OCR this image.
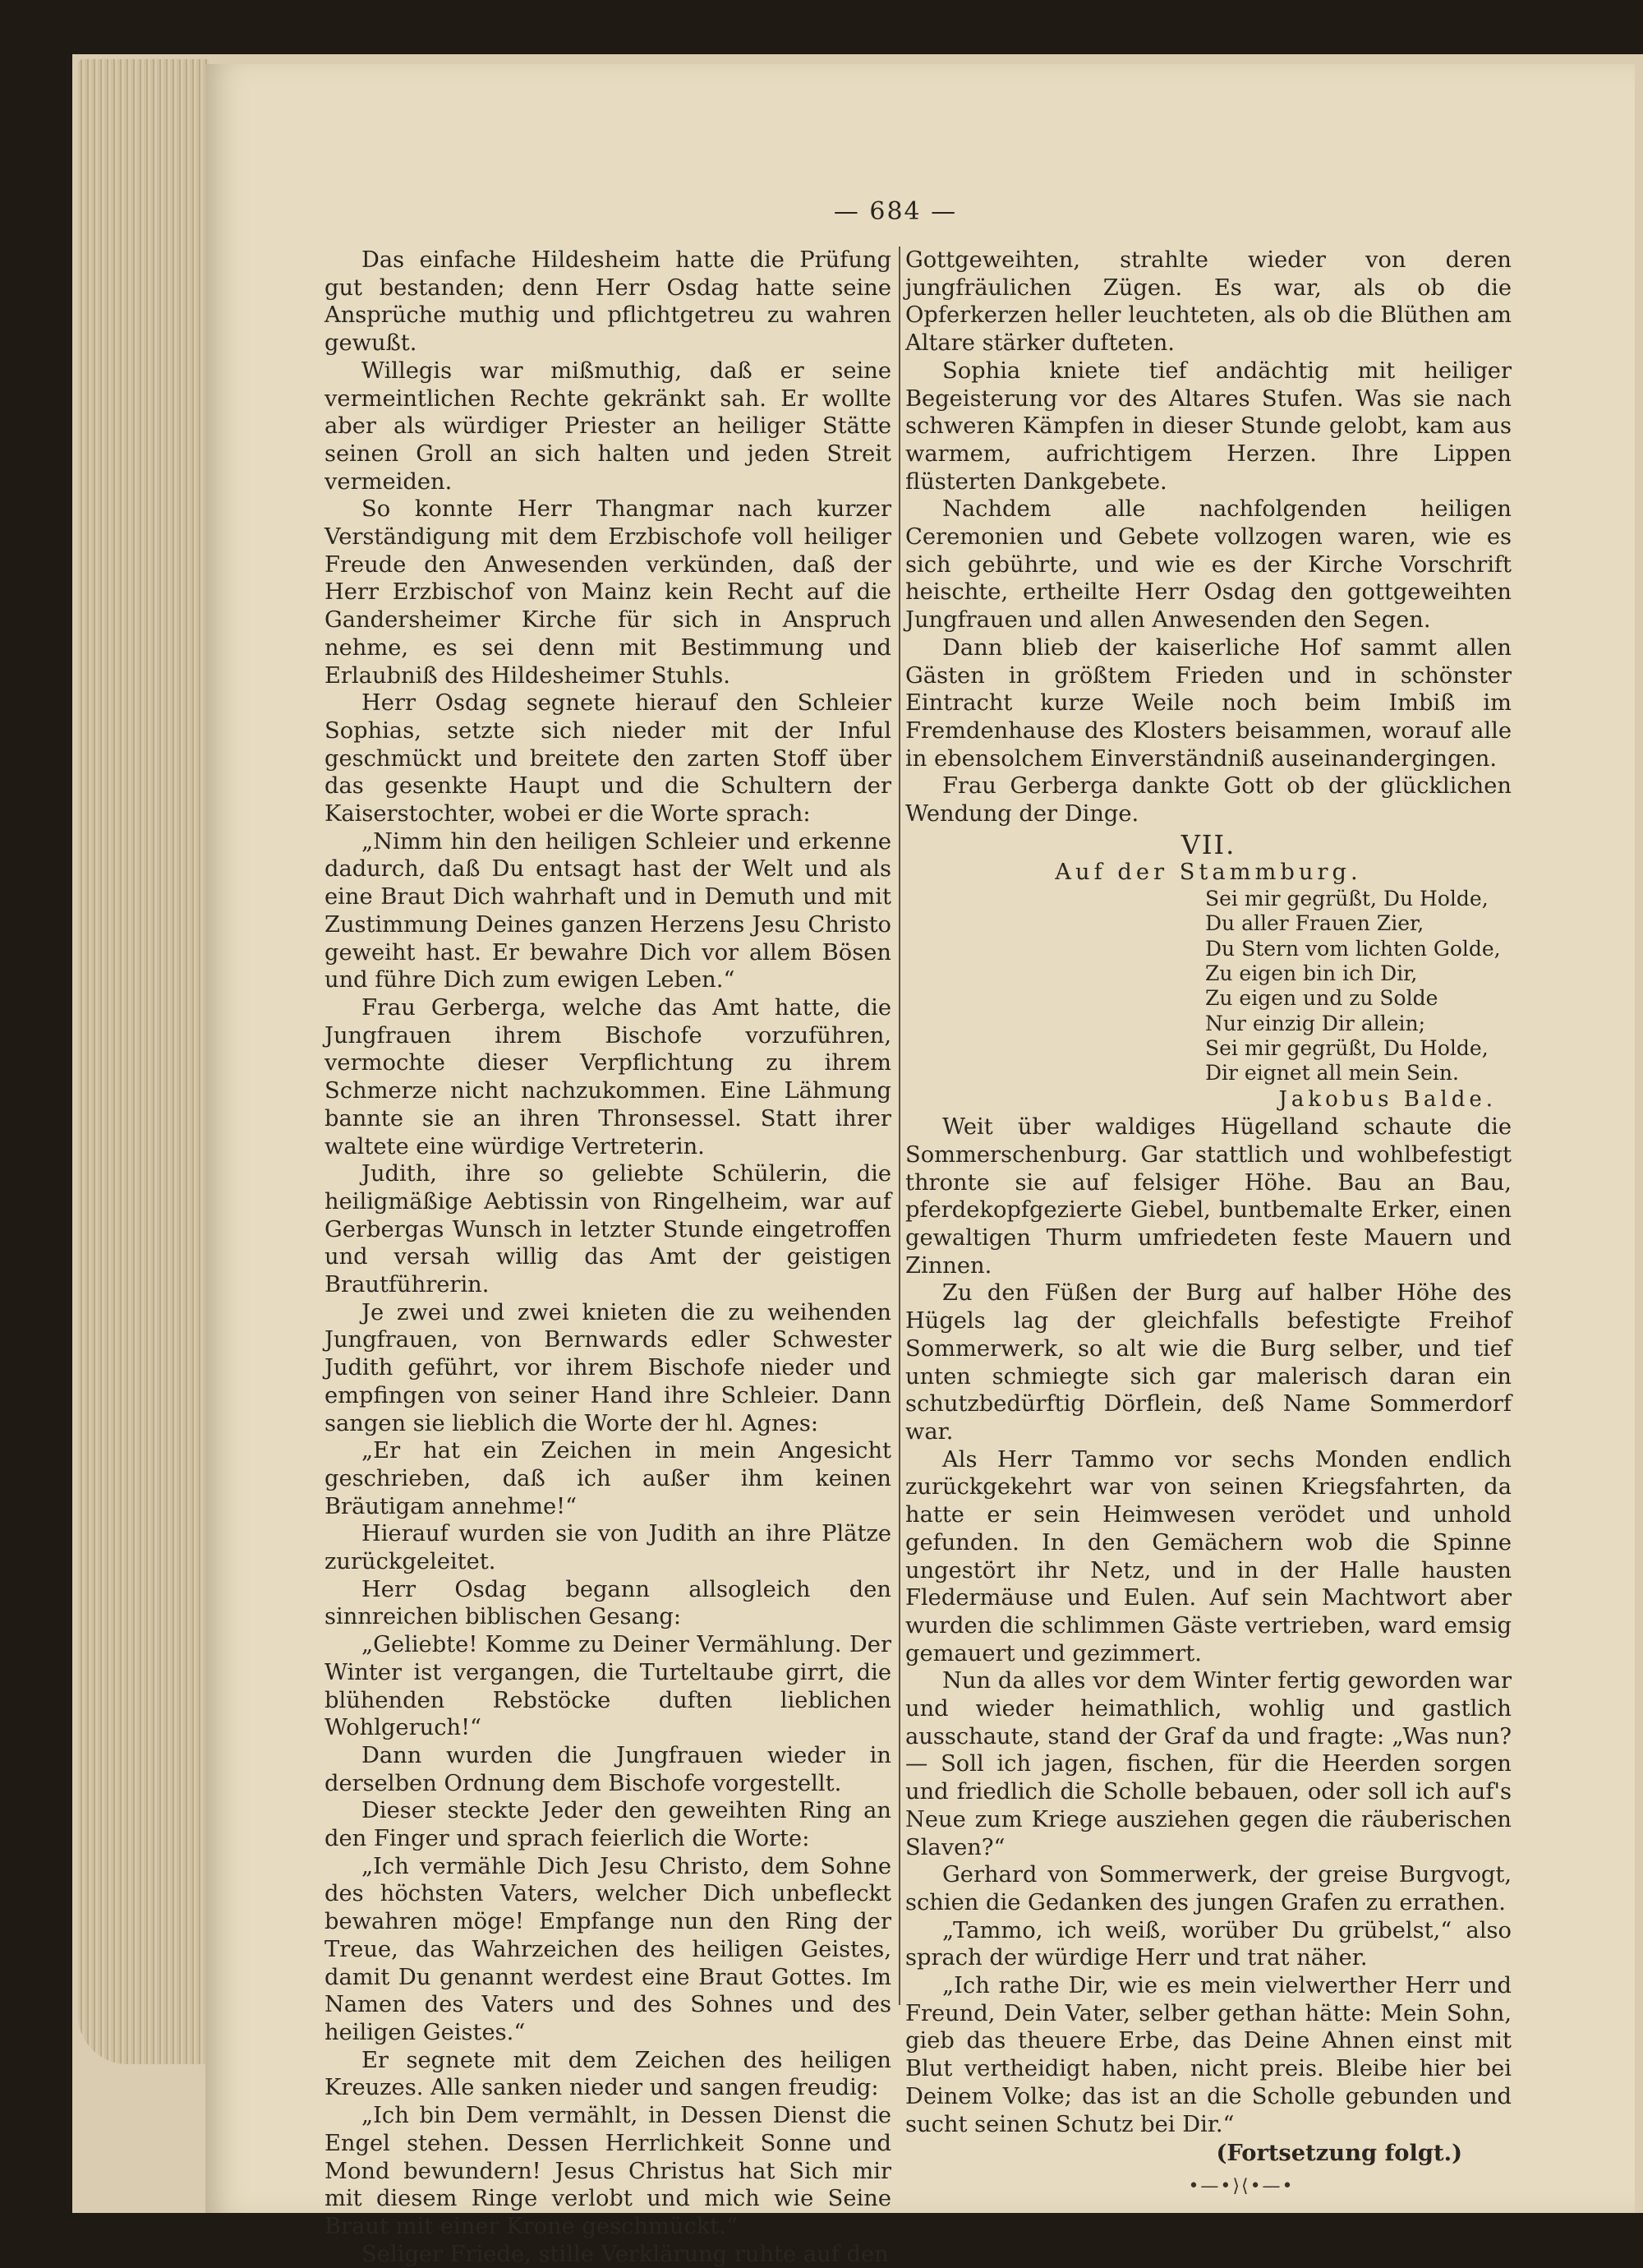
— 684 —

Das einfache Hildesheim hatte die Prüfung gut bestanden; denn Herr Osdag hatte seine Ansprüche muthig und pflichtgetreu zu wahren gewußt.

Willegis war mißmuthig, daß er seine vermeintlichen Rechte gekränkt sah. Er wollte aber als würdiger Priester an heiliger Stätte seinen Groll an sich halten und jeden Streit vermeiden.

So konnte Herr Thangmar nach kurzer Verständigung mit dem Erzbischofe voll heiliger Freude den Anwesenden verkünden, daß der Herr Erzbischof von Mainz kein Recht auf die Gandersheimer Kirche für sich in Anspruch nehme, es sei denn mit Bestimmung und Erlaubniß des Hildesheimer Stuhls.

Herr Osdag segnete hierauf den Schleier Sophias, setzte sich nieder mit der Inful geschmückt und breitete den zarten Stoff über das gesenkte Haupt und die Schultern der Kaiserstochter, wobei er die Worte sprach:

„Nimm hin den heiligen Schleier und erkenne dadurch, daß Du entsagt hast der Welt und als eine Braut Dich wahrhaft und in Demuth und mit Zustimmung Deines ganzen Herzens Jesu Christo geweiht hast. Er bewahre Dich vor allem Bösen und führe Dich zum ewigen Leben.“

Frau Gerberga, welche das Amt hatte, die Jungfrauen ihrem Bischofe vorzuführen, vermochte dieser Verpflichtung zu ihrem Schmerze nicht nachzukommen. Eine Lähmung bannte sie an ihren Thronsessel. Statt ihrer waltete eine würdige Vertreterin.

Judith, ihre so geliebte Schülerin, die heiligmäßige Aebtissin von Ringelheim, war auf Gerbergas Wunsch in letzter Stunde eingetroffen und versah willig das Amt der geistigen Brautführerin.

Je zwei und zwei knieten die zu weihenden Jungfrauen, von Bernwards edler Schwester Judith geführt, vor ihrem Bischofe nieder und empfingen von seiner Hand ihre Schleier. Dann sangen sie lieblich die Worte der hl. Agnes:

„Er hat ein Zeichen in mein Angesicht geschrieben, daß ich außer ihm keinen Bräutigam annehme!“

Hierauf wurden sie von Judith an ihre Plätze zurückgeleitet.

Herr Osdag begann allsogleich den sinnreichen biblischen Gesang:

„Geliebte! Komme zu Deiner Vermählung. Der Winter ist vergangen, die Turteltaube girrt, die blühenden Rebstöcke duften lieblichen Wohlgeruch!“

Dann wurden die Jungfrauen wieder in derselben Ordnung dem Bischofe vorgestellt.

Dieser steckte Jeder den geweihten Ring an den Finger und sprach feierlich die Worte:

„Ich vermähle Dich Jesu Christo, dem Sohne des höchsten Vaters, welcher Dich unbefleckt bewahren möge! Empfange nun den Ring der Treue, das Wahrzeichen des heiligen Geistes, damit Du genannt werdest eine Braut Gottes. Im Namen des Vaters und des Sohnes und des heiligen Geistes.“

Er segnete mit dem Zeichen des heiligen Kreuzes. Alle sanken nieder und sangen freudig:

„Ich bin Dem vermählt, in Dessen Dienst die Engel stehen. Dessen Herrlichkeit Sonne und Mond bewundern! Jesus Christus hat Sich mir mit diesem Ringe verlobt und mich wie Seine Braut mit einer Krone geschmückt.“

Seliger Friede, stille Verklärung ruhte auf den

Gottgeweihten, strahlte wieder von deren jungfräulichen Zügen. Es war, als ob die Opferkerzen heller leuchteten, als ob die Blüthen am Altare stärker dufteten.

Sophia kniete tief andächtig mit heiliger Begeisterung vor des Altares Stufen. Was sie nach schweren Kämpfen in dieser Stunde gelobt, kam aus warmem, aufrichtigem Herzen. Ihre Lippen flüsterten Dankgebete.

Nachdem alle nachfolgenden heiligen Ceremonien und Gebete vollzogen waren, wie es sich gebührte, und wie es der Kirche Vorschrift heischte, ertheilte Herr Osdag den gottgeweihten Jungfrauen und allen Anwesenden den Segen.

Dann blieb der kaiserliche Hof sammt allen Gästen in größtem Frieden und in schönster Eintracht kurze Weile noch beim Imbiß im Fremdenhause des Klosters beisammen, worauf alle in ebensolchem Einverständniß auseinandergingen.

Frau Gerberga dankte Gott ob der glücklichen Wendung der Dinge.

VII.
Auf der Stammburg.
Sei mir gegrüßt, Du Holde,
Du aller Frauen Zier,
Du Stern vom lichten Golde,
Zu eigen bin ich Dir,
Zu eigen und zu Solde
Nur einzig Dir allein;
Sei mir gegrüßt, Du Holde,
Dir eignet all mein Sein.
Jakobus Balde.

Weit über waldiges Hügelland schaute die Sommerschenburg. Gar stattlich und wohlbefestigt thronte sie auf felsiger Höhe. Bau an Bau, pferdekopfgezierte Giebel, buntbemalte Erker, einen gewaltigen Thurm umfriedeten feste Mauern und Zinnen.

Zu den Füßen der Burg auf halber Höhe des Hügels lag der gleichfalls befestigte Freihof Sommerwerk, so alt wie die Burg selber, und tief unten schmiegte sich gar malerisch daran ein schutzbedürftig Dörflein, deß Name Sommerdorf war.

Als Herr Tammo vor sechs Monden endlich zurückgekehrt war von seinen Kriegsfahrten, da hatte er sein Heimwesen verödet und unhold gefunden. In den Gemächern wob die Spinne ungestört ihr Netz, und in der Halle hausten Fledermäuse und Eulen. Auf sein Machtwort aber wurden die schlimmen Gäste vertrieben, ward emsig gemauert und gezimmert.

Nun da alles vor dem Winter fertig geworden war und wieder heimathlich, wohlig und gastlich ausschaute, stand der Graf da und fragte: „Was nun? — Soll ich jagen, fischen, für die Heerden sorgen und friedlich die Scholle bebauen, oder soll ich auf's Neue zum Kriege ausziehen gegen die räuberischen Slaven?“

Gerhard von Sommerwerk, der greise Burgvogt, schien die Gedanken des jungen Grafen zu errathen.

„Tammo, ich weiß, worüber Du grübelst,“ also sprach der würdige Herr und trat näher.

„Ich rathe Dir, wie es mein vielwerther Herr und Freund, Dein Vater, selber gethan hätte: Mein Sohn, gieb das theuere Erbe, das Deine Ahnen einst mit Blut vertheidigt haben, nicht preis. Bleibe hier bei Deinem Volke; das ist an die Scholle gebunden und sucht seinen Schutz bei Dir.“

(Fortsetzung folgt.)
•—•⟩⟨•—•
